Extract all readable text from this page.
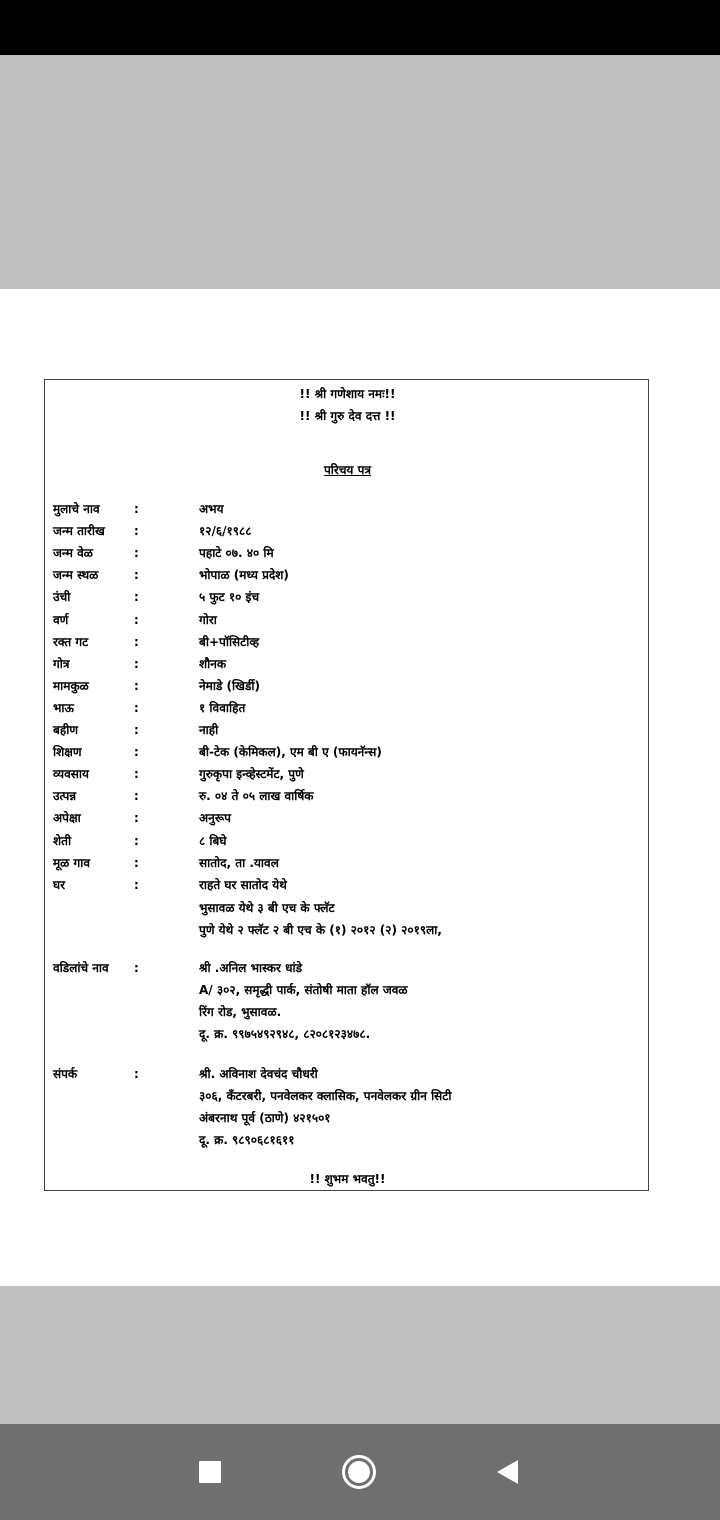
!! श्री गणेशाय नमः!!
!! श्री गुरु देव दत्त !!
परिचय पत्र
मुलाचे नाव	:	अभय
जन्म तारीख :	१२/६/१९८८
जन्म वेळ	:	पहाटे ०७. ४० मि
जन्म स्थळ	:	भोपाळ (मध्य प्रदेश)
उंची	:	५ फुट १० इंच
वर्ण	:	गोरा
रक्त गट	:	बी+पॉसिटीव्ह
गोत्र	:	शौनक
मामकुळ	:	नेमाडे (खिर्डी)
भाऊ	:	१ विवाहित
बहीण	:	नाही
शिक्षण	:	बी-टेक (केमिकल), एम बी ए (फायनॅन्स)
व्यवसाय	:	गुरुकृपा इन्व्हेस्टमेंट, पुणे
उत्पन्न	:	रु. ०४ ते ०५ लाख वार्षिक
अपेक्षा	:	अनुरूप
शेती	:	८ बिघे
मूळ गाव	:	सातोद, ता .यावल
घर	:	राहते घर सातोद येथे
भुसावळ येथे ३ बी एच के फ्लॅट
पुणे येथे २ फ्लॅट २ बी एच के (१) २०१२ (२) २०१९ला,
वडिलांचे नाव :	श्री .अनिल भास्कर धांडे
A/ ३०२, समृद्धी पार्क, संतोषी माता हॉल जवळ
रिंग रोड, भुसावळ.
दू. क्र. ९९७५४९२९४८, ८२०८१२३४७८.
संपर्क	:	श्री. अविनाश देवचंद चौधरी
३०६, कँटरबरी, पनवेलकर क्लासिक, पनवेलकर ग्रीन सिटी
अंबरनाथ पूर्व (ठाणे) ४२१५०१
दू. क्र. ९८९०६८१६११
!! शुभम भवतु!!
